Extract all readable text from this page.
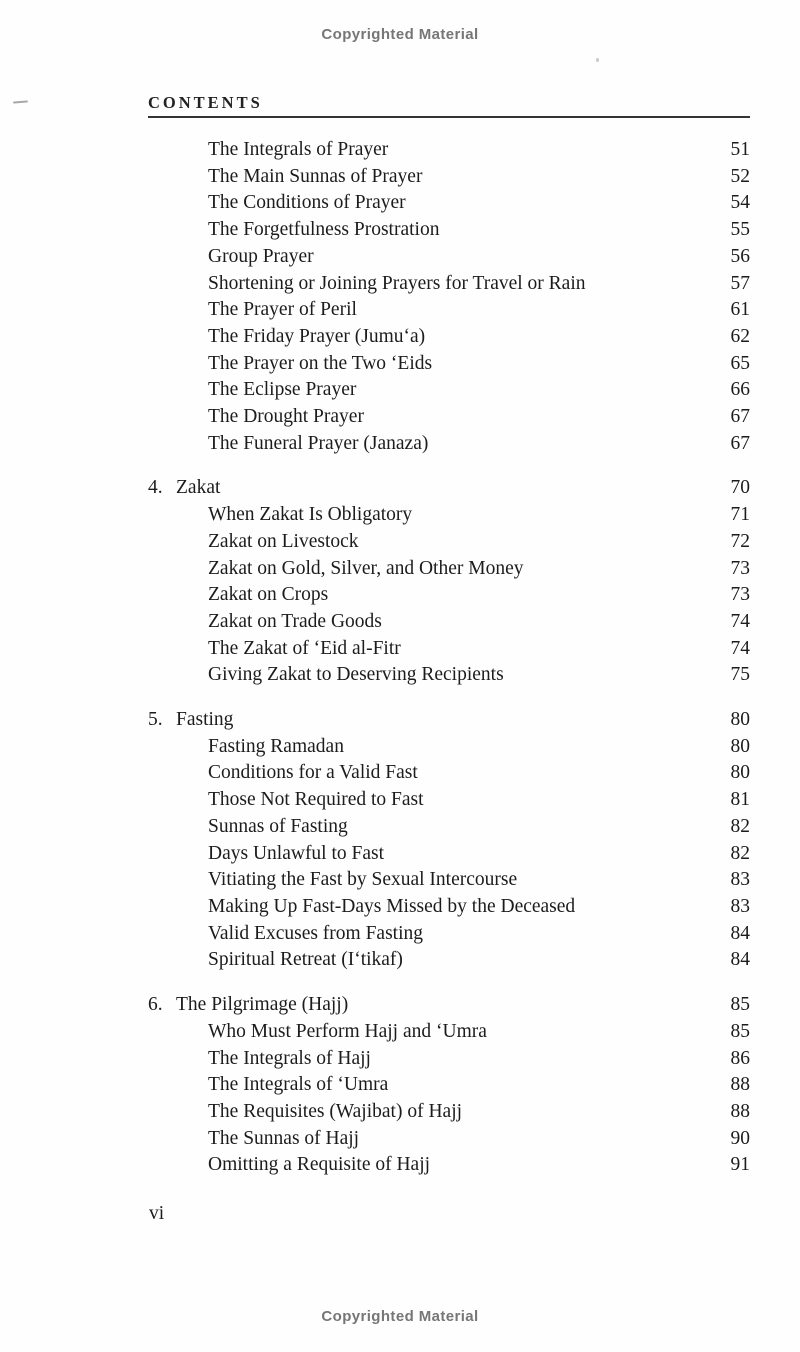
Copyrighted Material
CONTENTS
The Integrals of Prayer	51
The Main Sunnas of Prayer	52
The Conditions of Prayer	54
The Forgetfulness Prostration	55
Group Prayer	56
Shortening or Joining Prayers for Travel or Rain	57
The Prayer of Peril	61
The Friday Prayer (Jumu‘a)	62
The Prayer on the Two ‘Eids	65
The Eclipse Prayer	66
The Drought Prayer	67
The Funeral Prayer (Janaza)	67
4. Zakat	70
When Zakat Is Obligatory	71
Zakat on Livestock	72
Zakat on Gold, Silver, and Other Money	73
Zakat on Crops	73
Zakat on Trade Goods	74
The Zakat of ‘Eid al-Fitr	74
Giving Zakat to Deserving Recipients	75
5. Fasting	80
Fasting Ramadan	80
Conditions for a Valid Fast	80
Those Not Required to Fast	81
Sunnas of Fasting	82
Days Unlawful to Fast	82
Vitiating the Fast by Sexual Intercourse	83
Making Up Fast-Days Missed by the Deceased	83
Valid Excuses from Fasting	84
Spiritual Retreat (I‘tikaf)	84
6. The Pilgrimage (Hajj)	85
Who Must Perform Hajj and ‘Umra	85
The Integrals of Hajj	86
The Integrals of ‘Umra	88
The Requisites (Wajibat) of Hajj	88
The Sunnas of Hajj	90
Omitting a Requisite of Hajj	91
vi
Copyrighted Material
